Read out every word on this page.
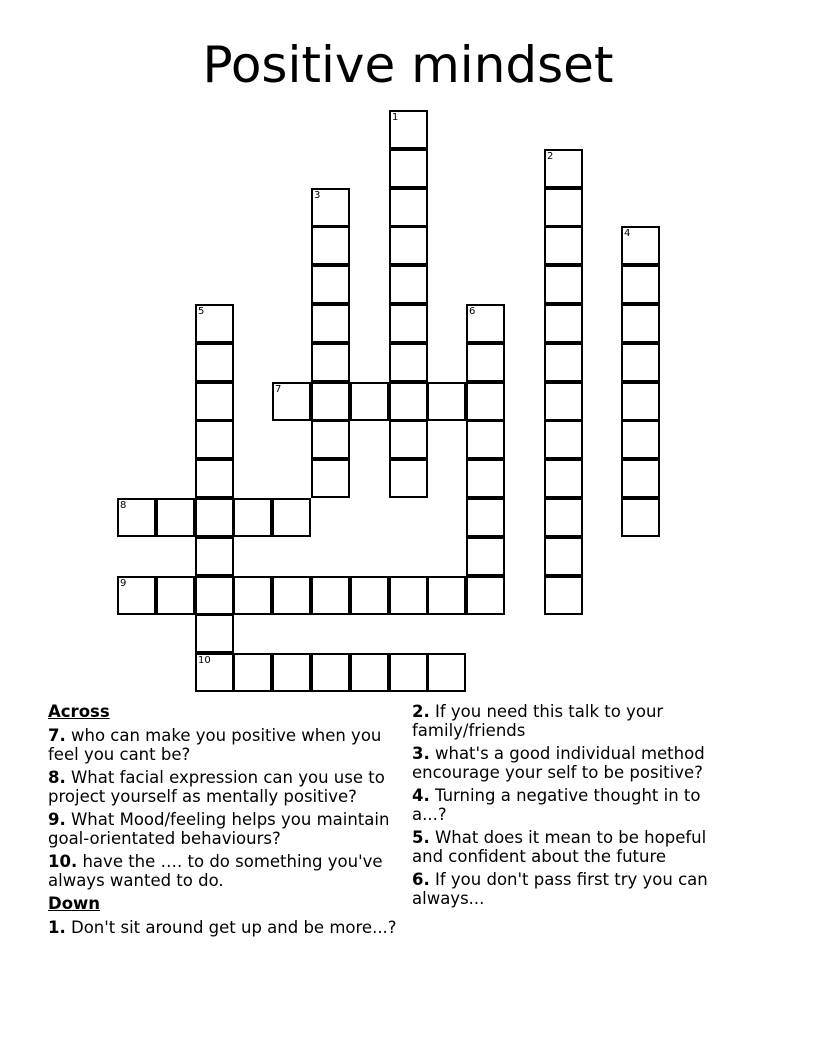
Positive mindset
1
2
3
4
5
10
6
7
8
9
Across
7. who can make you positive when you feel you cant be?
8. What facial expression can you use to project yourself as mentally positive?
9. What Mood/feeling helps you maintain goal-orientated behaviours?
10. have the …. to do something you've always wanted to do.
Down
1. Don't sit around get up and be more...?
2. If you need this talk to your family/friends
3. what's a good individual method encourage your self to be positive?
4. Turning a negative thought in to a...?
5. What does it mean to be hopeful and confident about the future
6. If you don't pass first try you can always...
